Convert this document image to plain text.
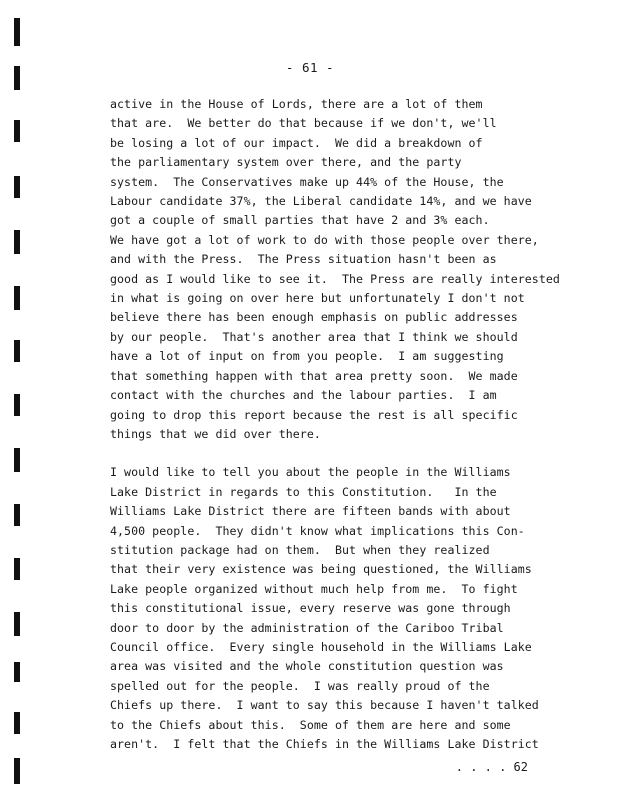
- 61 -
active in the House of Lords, there are a lot of them
that are.  We better do that because if we don't, we'll
be losing a lot of our impact.  We did a breakdown of
the parliamentary system over there, and the party
system.  The Conservatives make up 44% of the House, the
Labour candidate 37%, the Liberal candidate 14%, and we have
got a couple of small parties that have 2 and 3% each.
We have got a lot of work to do with those people over there,
and with the Press.  The Press situation hasn't been as
good as I would like to see it.  The Press are really interested
in what is going on over here but unfortunately I don't not
believe there has been enough emphasis on public addresses
by our people.  That's another area that I think we should
have a lot of input on from you people.  I am suggesting
that something happen with that area pretty soon.  We made
contact with the churches and the labour parties.  I am
going to drop this report because the rest is all specific
things that we did over there.
I would like to tell you about the people in the Williams
Lake District in regards to this Constitution.   In the
Williams Lake District there are fifteen bands with about
4,500 people.  They didn't know what implications this Con-
stitution package had on them.  But when they realized
that their very existence was being questioned, the Williams
Lake people organized without much help from me.  To fight
this constitutional issue, every reserve was gone through
door to door by the administration of the Cariboo Tribal
Council office.  Every single household in the Williams Lake
area was visited and the whole constitution question was
spelled out for the people.  I was really proud of the
Chiefs up there.  I want to say this because I haven't talked
to the Chiefs about this.  Some of them are here and some
aren't.  I felt that the Chiefs in the Williams Lake District
. . . . 62
